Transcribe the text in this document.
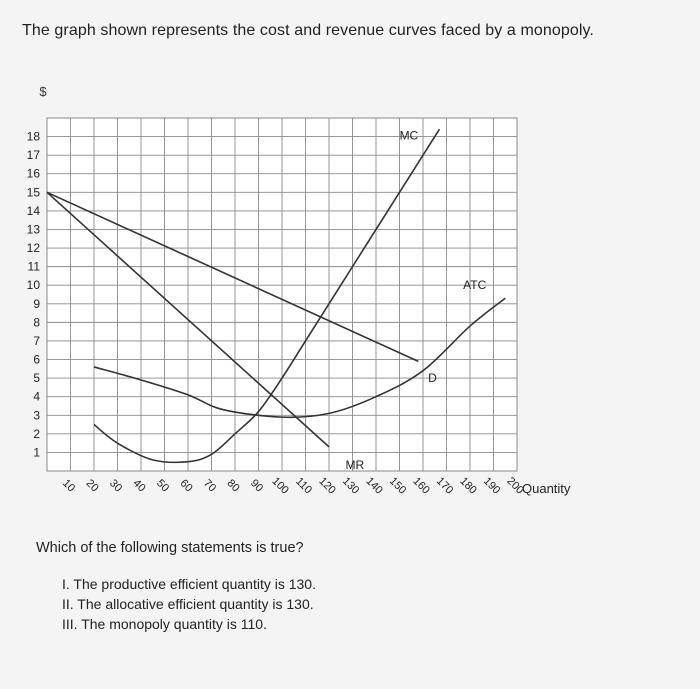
The graph shown represents the cost and revenue curves faced by a monopoly.
1
2
3
4
5
6
7
8
9
10
11
12
13
14
15
16
17
18
10 20 30 40 50 60 70 80 90 100 110 120 130 140 150 160 170 180 190 200
MC
ATC
D
MR
$
Quantity
Which of the following statements is true?
I. The productive efficient quantity is 130.
II. The allocative efficient quantity is 130.
III. The monopoly quantity is 110.
